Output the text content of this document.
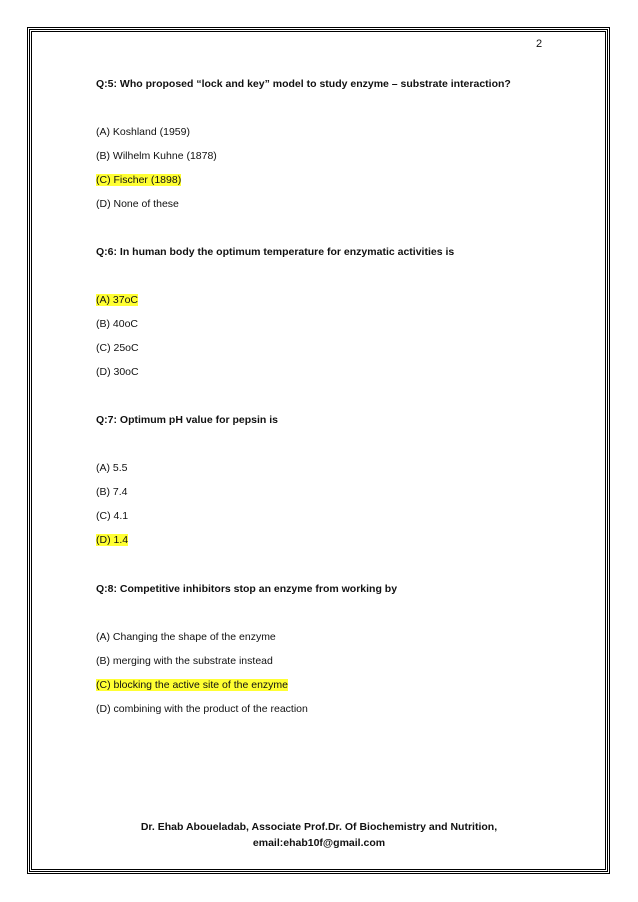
2
Q:5: Who proposed “lock and key” model to study enzyme – substrate interaction?
(A) Koshland (1959)
(B) Wilhelm Kuhne (1878)
(C) Fischer (1898)
(D) None of these
Q:6: In human body the optimum temperature for enzymatic activities is
(A) 37oC
(B) 40oC
(C) 25oC
(D) 30oC
Q:7: Optimum pH value for pepsin is
(A) 5.5
(B) 7.4
(C) 4.1
(D) 1.4
Q:8: Competitive inhibitors stop an enzyme from working by
(A) Changing the shape of the enzyme
(B) merging with the substrate instead
(C) blocking the active site of the enzyme
(D) combining with the product of the reaction
Dr. Ehab Aboueladab, Associate Prof.Dr. Of Biochemistry and Nutrition,
email:ehab10f@gmail.com
